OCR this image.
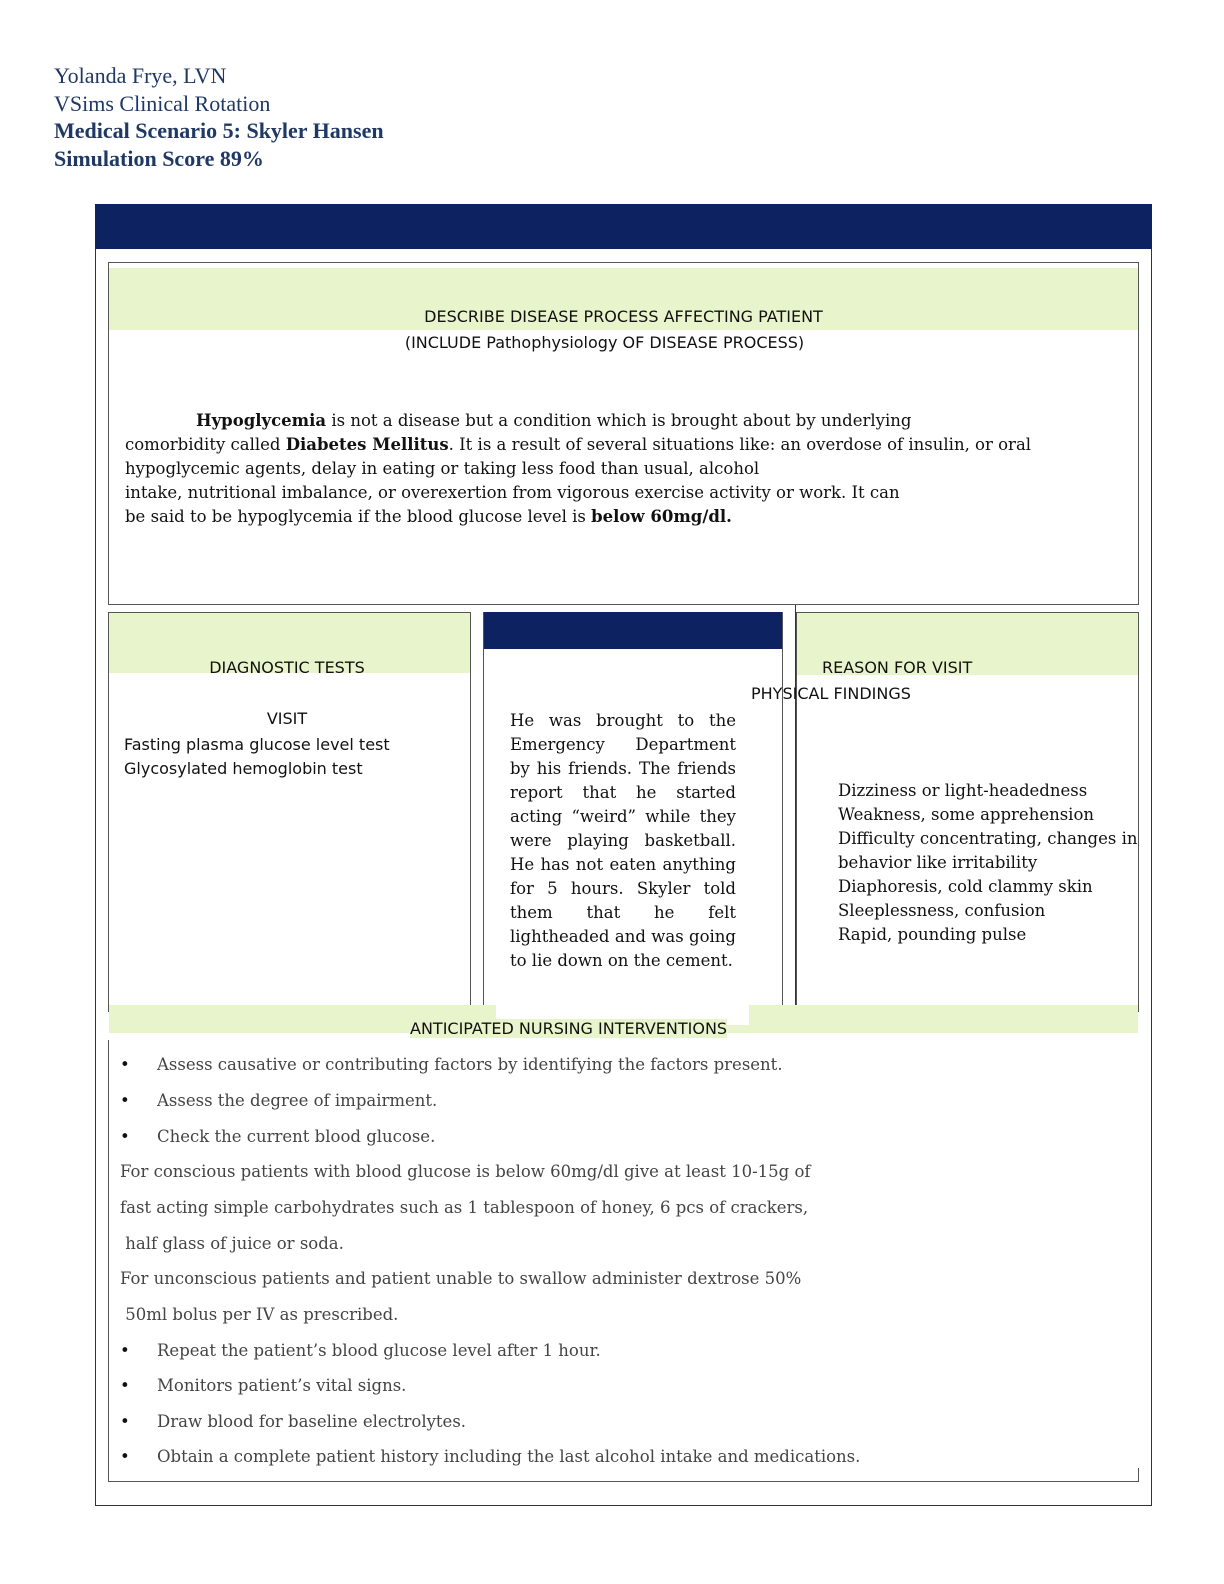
Yolanda Frye, LVN
VSims Clinical Rotation
Medical Scenario 5: Skyler Hansen
Simulation Score 89%
CONCEPT MAP WORKSHEET
DESCRIBE DISEASE PROCESS AFFECTING PATIENT
(INCLUDE Pathophysiology OF DISEASE PROCESS)
Hypoglycemia is not a disease but a condition which is brought about by underlying
comorbidity called Diabetes Mellitus. It is a result of several situations like: an overdose of insulin, or oral
hypoglycemic agents, delay in eating or taking less food than usual, alcohol
intake, nutritional imbalance, or overexertion from vigorous exercise activity or work. It can
be said to be hypoglycemia if the blood glucose level is below 60mg/dl.
DIAGNOSTIC TESTS
VISIT
Fasting plasma glucose level test
Glycosylated hemoglobin test
He was brought to the
Emergency Department
by his friends. The friends
report that he started
acting “weird” while they
were playing basketball.
He has not eaten anything
for 5 hours. Skyler told
them that he felt
lightheaded and was going
to lie down on the cement.
REASON FOR VISIT
PHYSICAL FINDINGS
Dizziness or light-headedness
Weakness, some apprehension
Difficulty concentrating, changes in
behavior like irritability
Diaphoresis, cold clammy skin
Sleeplessness, confusion
Rapid, pounding pulse
ANTICIPATED NURSING INTERVENTIONS
• Assess causative or contributing factors by identifying the factors present.
• Assess the degree of impairment.
• Check the current blood glucose.
For conscious patients with blood glucose is below 60mg/dl give at least 10-15g of
fast acting simple carbohydrates such as 1 tablespoon of honey, 6 pcs of crackers,
half glass of juice or soda.
For unconscious patients and patient unable to swallow administer dextrose 50%
50ml bolus per IV as prescribed.
• Repeat the patient’s blood glucose level after 1 hour.
• Monitors patient’s vital signs.
• Draw blood for baseline electrolytes.
• Obtain a complete patient history including the last alcohol intake and medications.
